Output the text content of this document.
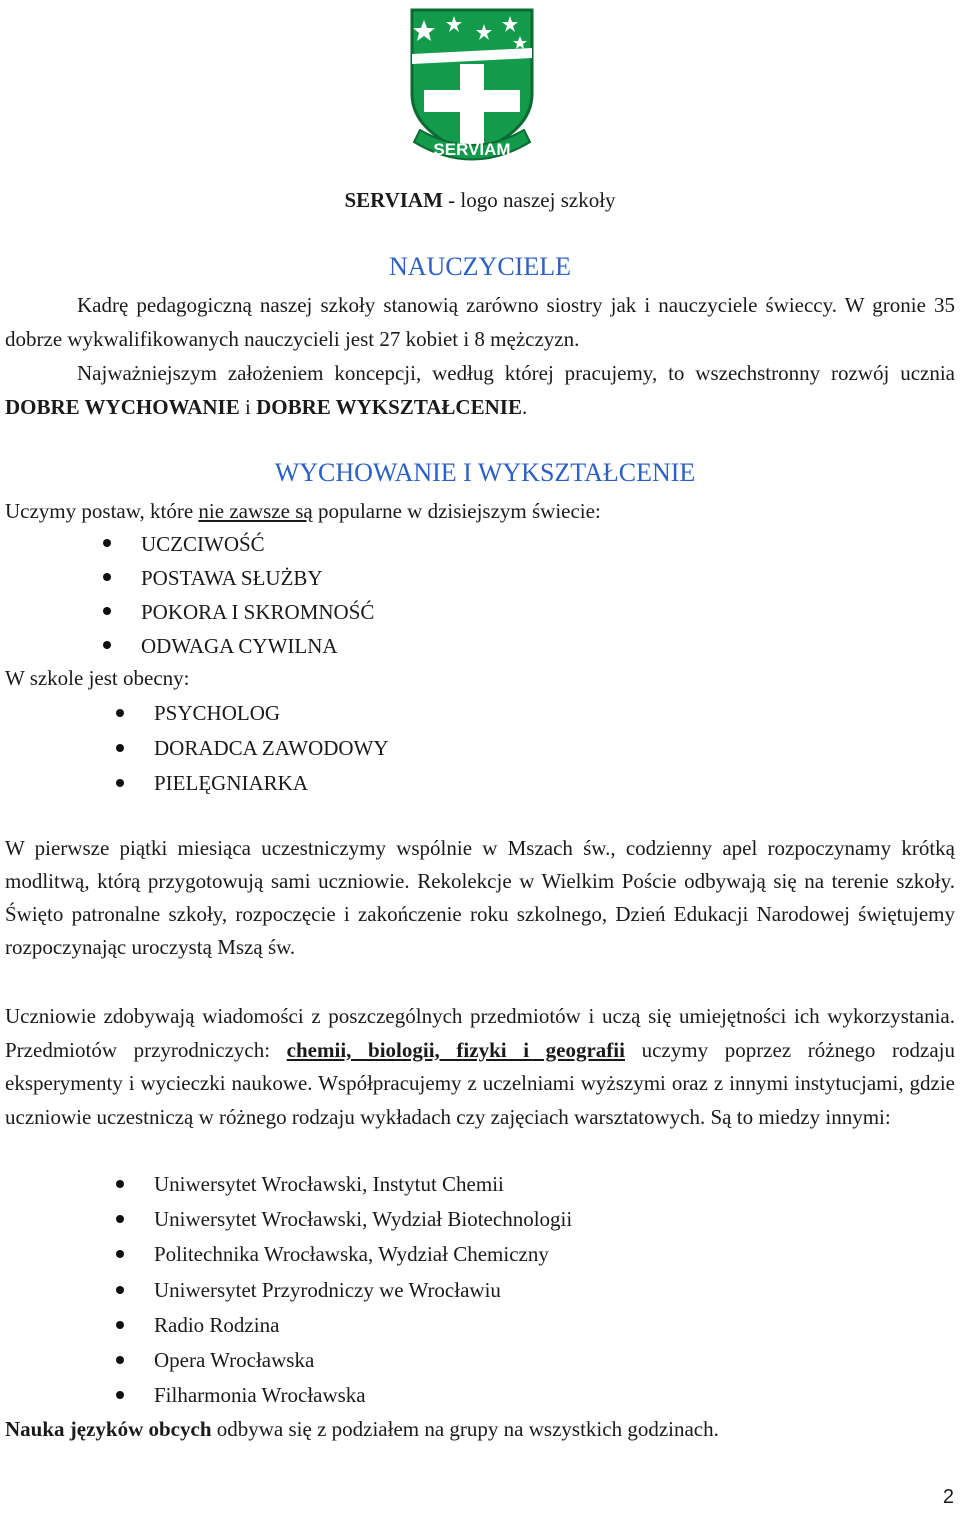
SERVIAM
SERVIAM - logo naszej szkoły
NAUCZYCIELE
Kadrę pedagogiczną naszej szkoły stanowią zarówno siostry jak i nauczyciele świeccy. W gronie 35 dobrze wykwalifikowanych nauczycieli jest 27 kobiet i 8 mężczyzn.
Najważniejszym założeniem koncepcji, według której pracujemy, to wszechstronny rozwój ucznia DOBRE WYCHOWANIE i DOBRE WYKSZTAŁCENIE.
WYCHOWANIE I WYKSZTAŁCENIE
Uczymy postaw, które nie zawsze są popularne w dzisiejszym świecie:
UCZCIWOŚĆ
POSTAWA SŁUŻBY
POKORA I SKROMNOŚĆ
ODWAGA CYWILNA
W szkole jest obecny:
PSYCHOLOG
DORADCA ZAWODOWY
PIELĘGNIARKA
W pierwsze piątki miesiąca uczestniczymy wspólnie w Mszach św., codzienny apel rozpoczynamy krótką modlitwą, którą przygotowują sami uczniowie. Rekolekcje w Wielkim Poście odbywają się na terenie szkoły. Święto patronalne szkoły, rozpoczęcie i zakończenie roku szkolnego, Dzień Edukacji Narodowej świętujemy rozpoczynając uroczystą Mszą św.
Uczniowie zdobywają wiadomości z poszczególnych przedmiotów i uczą się umiejętności ich wykorzystania. Przedmiotów przyrodniczych: chemii, biologii, fizyki i geografii uczymy poprzez różnego rodzaju eksperymenty i wycieczki naukowe. Współpracujemy z uczelniami wyższymi oraz z innymi instytucjami, gdzie uczniowie uczestniczą w różnego rodzaju wykładach czy zajęciach warsztatowych. Są to miedzy innymi:
Uniwersytet Wrocławski, Instytut Chemii
Uniwersytet Wrocławski, Wydział Biotechnologii
Politechnika Wrocławska, Wydział Chemiczny
Uniwersytet Przyrodniczy we Wrocławiu
Radio Rodzina
Opera Wrocławska
Filharmonia Wrocławska
Nauka języków obcych odbywa się z podziałem na grupy na wszystkich godzinach.
2
